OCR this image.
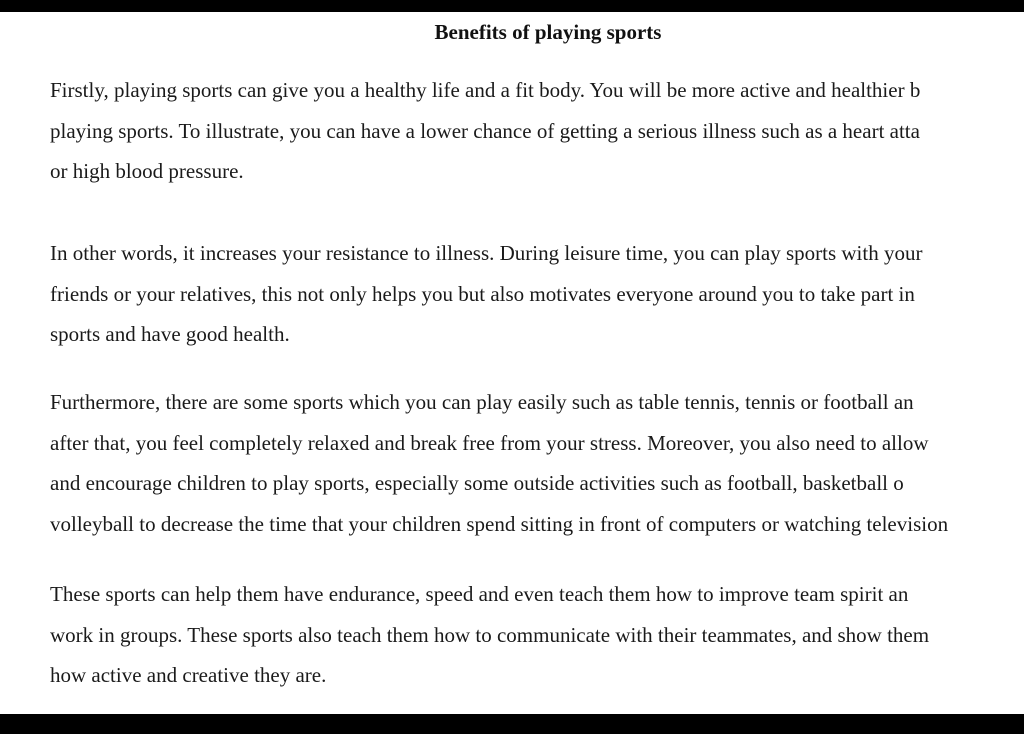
Benefits of playing sports

Firstly, playing sports can give you a healthy life and a fit body. You will be more active and healthier b
playing sports. To illustrate, you can have a lower chance of getting a serious illness such as a heart atta
or high blood pressure.

In other words, it increases your resistance to illness. During leisure time, you can play sports with your
friends or your relatives, this not only helps you but also motivates everyone around you to take part in
sports and have good health.

Furthermore, there are some sports which you can play easily such as table tennis, tennis or football an
after that, you feel completely relaxed and break free from your stress. Moreover, you also need to allow
and encourage children to play sports, especially some outside activities such as football, basketball o
volleyball to decrease the time that your children spend sitting in front of computers or watching television

These sports can help them have endurance, speed and even teach them how to improve team spirit an
work in groups. These sports also teach them how to communicate with their teammates, and show them
how active and creative they are.
